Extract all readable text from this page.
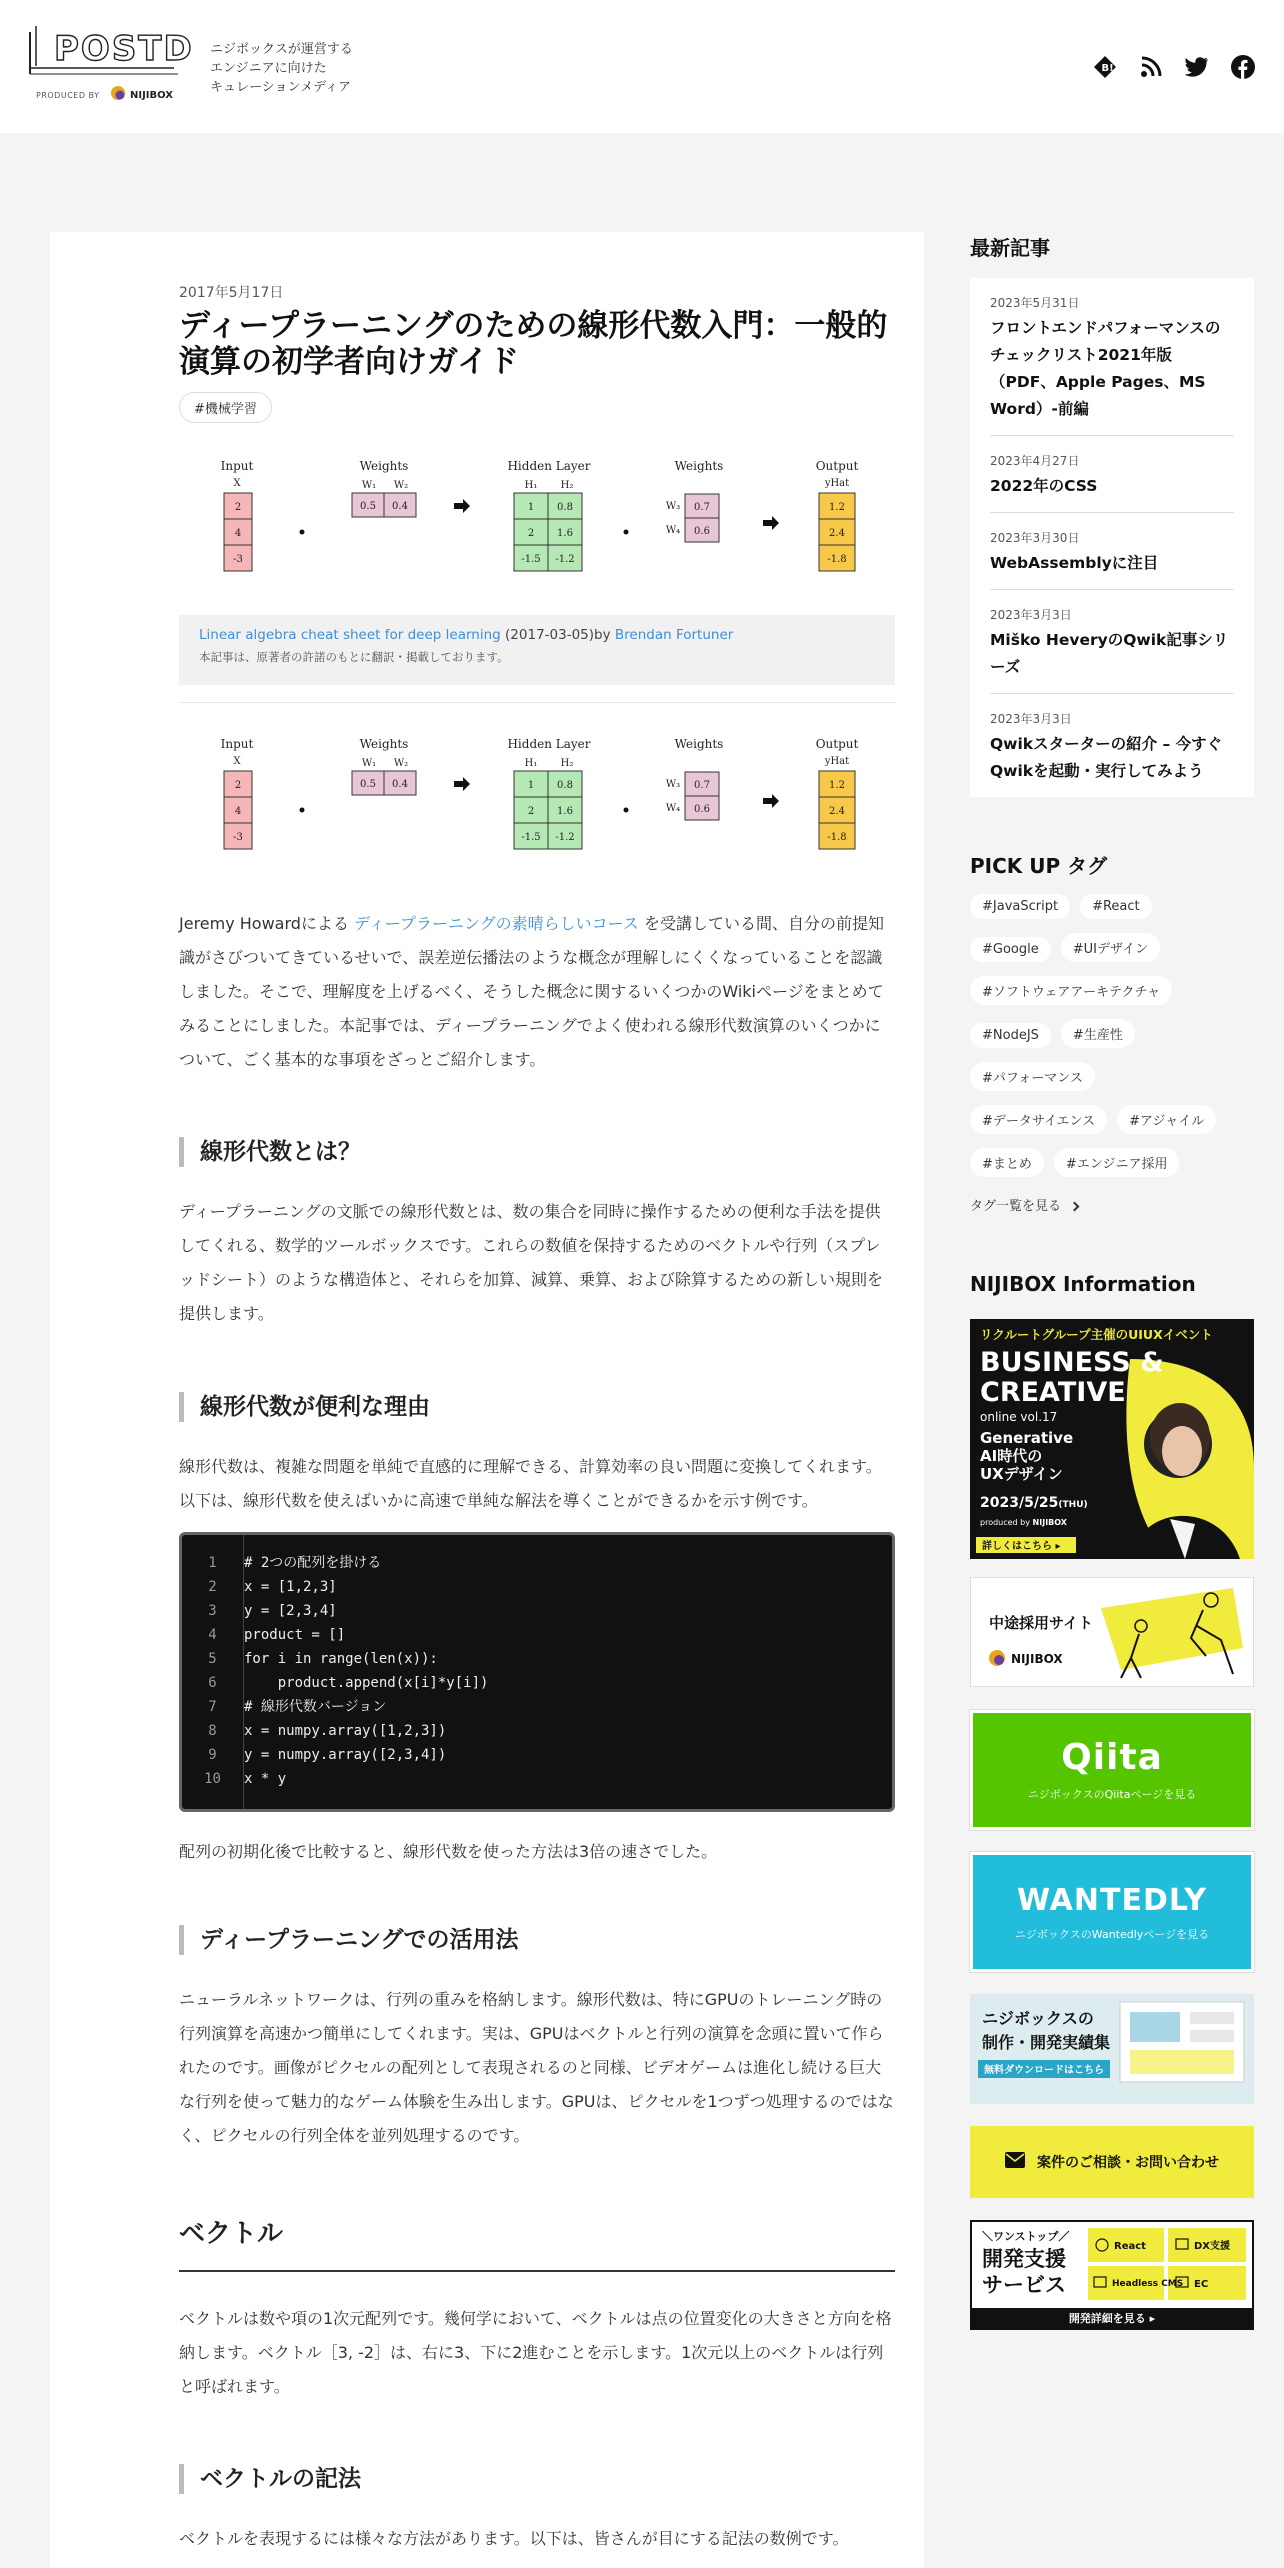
POSTD
PRODUCED BY	NIJIBOX
ニジボックスが運営する
エンジニアに向けた
キュレーションメディア
B!
2017年5月17日
ディープラーニングのための線形代数入門：一般的演算の初学者向けガイド
#機械学習
Input
X
2
4
-3
Weights
W₁ W₂
0.5 0.4
Hidden Layer
H₁ H₂
1 0.8
2 1.6
-1.5 -1.2
Weights
W₃
W₄
0.7
0.6
Output
yHat
1.2
2.4
-1.8
Linear algebra cheat sheet for deep learning (2017-03-05)by Brendan Fortuner
本記事は、原著者の許諾のもとに翻訳・掲載しております。
Input
X
2
4
-3
Weights
W₁ W₂
0.5 0.4
Hidden Layer
H₁ H₂
1 0.8
2 1.6
-1.5 -1.2
Weights
W₃
W₄
0.7
0.6
Output
yHat
1.2
2.4
-1.8
Jeremy Howardによる ディープラーニングの素晴らしいコース を受講している間、自分の前提知識がさびついてきているせいで、誤差逆伝播法のような概念が理解しにくくなっていることを認識しました。そこで、理解度を上げるべく、そうした概念に関するいくつかのWikiページをまとめてみることにしました。本記事では、ディープラーニングでよく使われる線形代数演算のいくつかについて、ごく基本的な事項をざっとご紹介します。
線形代数とは？
ディープラーニングの文脈での線形代数とは、数の集合を同時に操作するための便利な手法を提供してくれる、数学的ツールボックスです。これらの数値を保持するためのベクトルや行列（スプレッドシート）のような構造体と、それらを加算、減算、乗算、および除算するための新しい規則を提供します。
線形代数が便利な理由
線形代数は、複雑な問題を単純で直感的に理解できる、計算効率の良い問題に変換してくれます。以下は、線形代数を使えばいかに高速で単純な解法を導くことができるかを示す例です。
1
2
3
4
5
6
7
8
9
10
# 2つの配列を掛ける
x = [1,2,3]
y = [2,3,4]
product = []
for i in range(len(x)):
product.append(x[i]*y[i])
# 線形代数バージョン
x = numpy.array([1,2,3])
y = numpy.array([2,3,4])
x * y
配列の初期化後で比較すると、線形代数を使った方法は3倍の速さでした。
ディープラーニングでの活用法
ニューラルネットワークは、行列の重みを格納します。線形代数は、特にGPUのトレーニング時の行列演算を高速かつ簡単にしてくれます。実は、GPUはベクトルと行列の演算を念頭に置いて作られたのです。画像がピクセルの配列として表現されるのと同様、ビデオゲームは進化し続ける巨大な行列を使って魅力的なゲーム体験を生み出します。GPUは、ピクセルを1つずつ処理するのではなく、ピクセルの行列全体を並列処理するのです。
ベクトル
ベクトルは数や項の1次元配列です。幾何学において、ベクトルは点の位置変化の大きさと方向を格納します。ベクトル［3, -2］は、右に3、下に2進むことを示します。1次元以上のベクトルは行列と呼ばれます。
ベクトルの記法
ベクトルを表現するには様々な方法があります。以下は、皆さんが目にする記法の数例です。
最新記事
2023年5月31日
フロントエンドパフォーマンスのチェックリスト2021年版（PDF、Apple Pages、MS Word）-前編
2023年4月27日
2022年のCSS
2023年3月30日
WebAssemblyに注目
2023年3月3日
Miško HeveryのQwik記事シリーズ
2023年3月3日
Qwikスターターの紹介 – 今すぐQwikを起動・実行してみよう
PICK UP タグ
#JavaScript	#React
#Google	#UIデザイン
#ソフトウェアアーキテクチャ
#NodeJS	#生産性
#パフォーマンス
#データサイエンス	#アジャイル
#まとめ	#エンジニア採用
タグ一覧を見る
NIJIBOX Information
リクルートグループ主催のUIUXイベント
BUSINESS &
CREATIVE
online vol.17
Generative
AI時代の
UXデザイン
2023/5/25(THU)
produced by NIJIBOX
詳しくはこちら ▸
中途採用サイト
NIJIBOX
Qiita
ニジボックスのQiitaページを見る
WANTEDLY
ニジボックスのWantedlyページを見る
ニジボックスの
制作・開発実績集
無料ダウンロードはこちら
案件のご相談・お問い合わせ
＼ワンストップ／
開発支援
サービス
React	DX支援
Headless CMS EC
開発詳細を見る ▸
